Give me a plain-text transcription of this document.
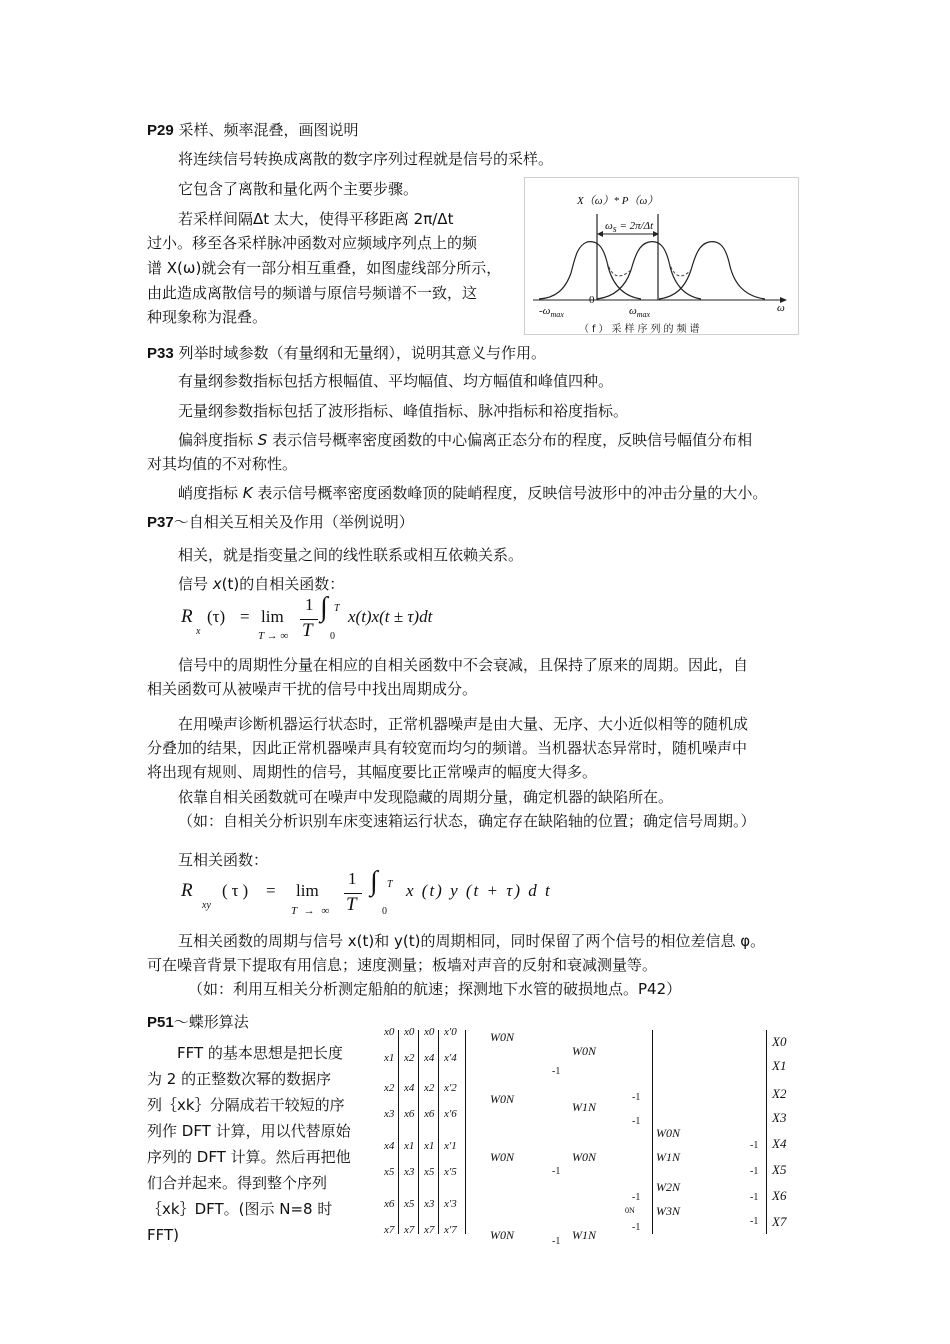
P29 采样、频率混叠，画图说明
将连续信号转换成离散的数字序列过程就是信号的采样。
它包含了离散和量化两个主要步骤。
若采样间隔Δt 太大，使得平移距离 2π/Δt
过小。移至各采样脉冲函数对应频域序列点上的频
谱 X(ω)就会有一部分相互重叠，如图虚线部分所示，
由此造成离散信号的频谱与原信号频谱不一致，这
种现象称为混叠。
X（ω）* P（ω）
ωs = 2π/Δt
0
ω
$-\omega_{max}$	$\omega_{max}$
（f）采样序列的频谱
P33 列举时域参数（有量纲和无量纲），说明其意义与作用。
有量纲参数指标包括方根幅值、平均幅值、均方幅值和峰值四种。
无量纲参数指标包括了波形指标、峰值指标、脉冲指标和裕度指标。
偏斜度指标 S 表示信号概率密度函数的中心偏离正态分布的程度，反映信号幅值分布相
对其均值的不对称性。
峭度指标 K 表示信号概率密度函数峰顶的陡峭程度，反映信号波形中的冲击分量的大小。
P37～自相关互相关及作用（举例说明）
相关，就是指变量之间的线性联系或相互依赖关系。
信号 x(t)的自相关函数：
R
x
(τ) = lim
T → ∞
1
T
∫ T
0
x(t)x(t ± τ)dt
信号中的周期性分量在相应的自相关函数中不会衰减，且保持了原来的周期。因此，自
相关函数可从被噪声干扰的信号中找出周期成分。
在用噪声诊断机器运行状态时，正常机器噪声是由大量、无序、大小近似相等的随机成
分叠加的结果，因此正常机器噪声具有较宽而均匀的频谱。当机器状态异常时，随机噪声中
将出现有规则、周期性的信号，其幅度要比正常噪声的幅度大得多。
依靠自相关函数就可在噪声中发现隐藏的周期分量，确定机器的缺陷所在。
（如：自相关分析识别车床变速箱运行状态，确定存在缺陷轴的位置；确定信号周期。）
互相关函数：
R
xy
(τ) = lim
T → ∞
1
T
∫ T
0
x (t) y (t + τ) d t
互相关函数的周期与信号 x(t)和 y(t)的周期相同，同时保留了两个信号的相位差信息 φ。
可在噪音背景下提取有用信息；速度测量；板墙对声音的反射和衰减测量等。
（如：利用互相关分析测定船舶的航速；探测地下水管的破损地点。P42）
P51～蝶形算法
FFT 的基本思想是把长度
为 2 的正整数次幂的数据序
列｛xk｝分隔成若干较短的序
列作 DFT 计算，用以代替原始
序列的 DFT 计算。然后再把他
们合并起来。得到整个序列
｛xk｝DFT。(图示 N=8 时 FFT)
x0 x0 x0 x'0
x1 x2 x4 x'4
x2 x4 x2 x'2
x3 x6 x6 x'6
x4 x1 x1 x'1
x5 x3 x5 x'5
x6 x5 x3 x'3
x7 x7 x7 x'7
W0N
W0N
W0N
W0N
W0N
W1N
W0N
W1N
W0N
W1N
W2N
W3N
-1
-1
-1
-1
-1
-1
-1
-1
-1
-1
-1
0N
X0
X1
X2
X3
X4
X5
X6
X7
